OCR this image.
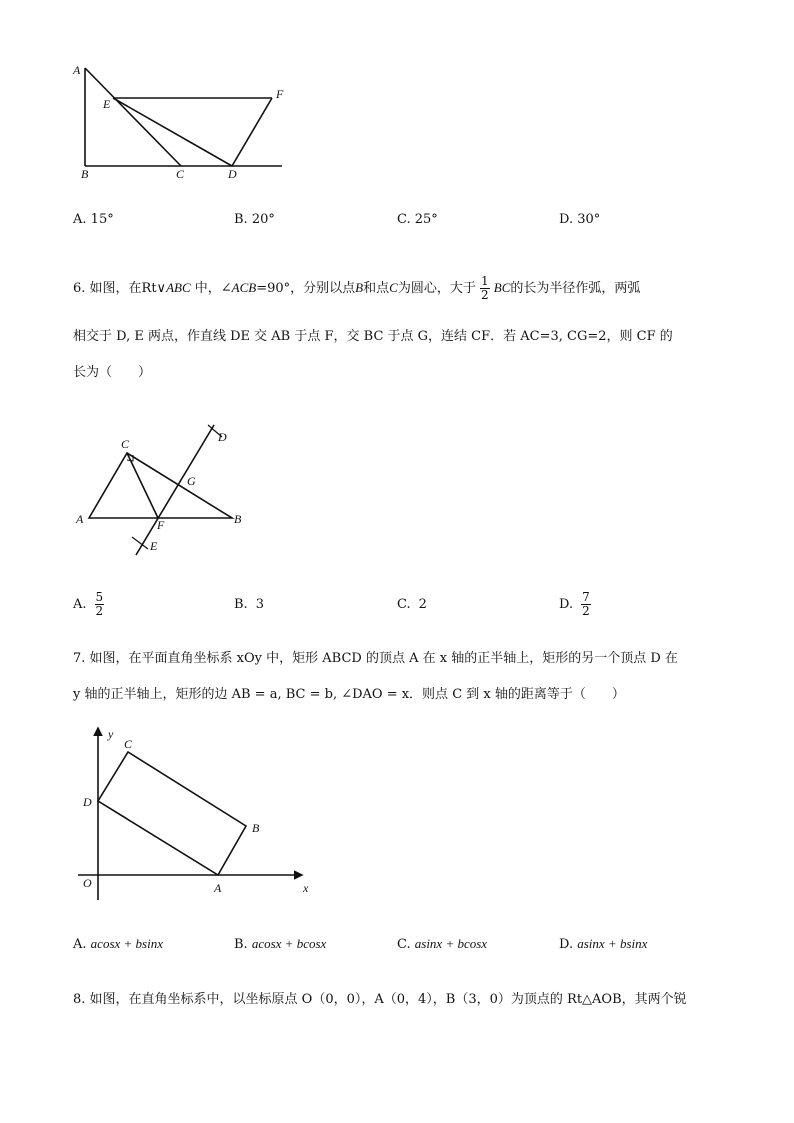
A
E
F
B	C	D
A. 15°	B. 20°	C. 25°	D. 30°
6. 如图，在Rt∨ABC 中，∠ACB=90°，分别以点B和点C为圆心，大于 $\frac{1}{2}$ BC的长为半径作弧，两弧
相交于 D, E 两点，作直线 DE 交 AB 于点 F，交 BC 于点 G，连结 CF．若 AC=3, CG=2，则 CF 的
长为（　　）
C	D
G
A	B
F
E
A. $\frac{5}{2}$	B. 3	C. 2	D. $\frac{7}{2}$
7. 如图，在平面直角坐标系 xOy 中，矩形 ABCD 的顶点 A 在 x 轴的正半轴上，矩形的另一个顶点 D 在
y 轴的正半轴上，矩形的边 AB = a, BC = b, ∠DAO = x．则点 C 到 x 轴的距离等于（　　）
y
C
D
B
O	A	x
A. acosx + bsinx	B. acosx + bcosx	C. asinx + bcosx	D. asinx + bsinx
8. 如图，在直角坐标系中，以坐标原点 O（0，0），A（0，4），B（3，0）为顶点的 Rt△AOB，其两个锐
